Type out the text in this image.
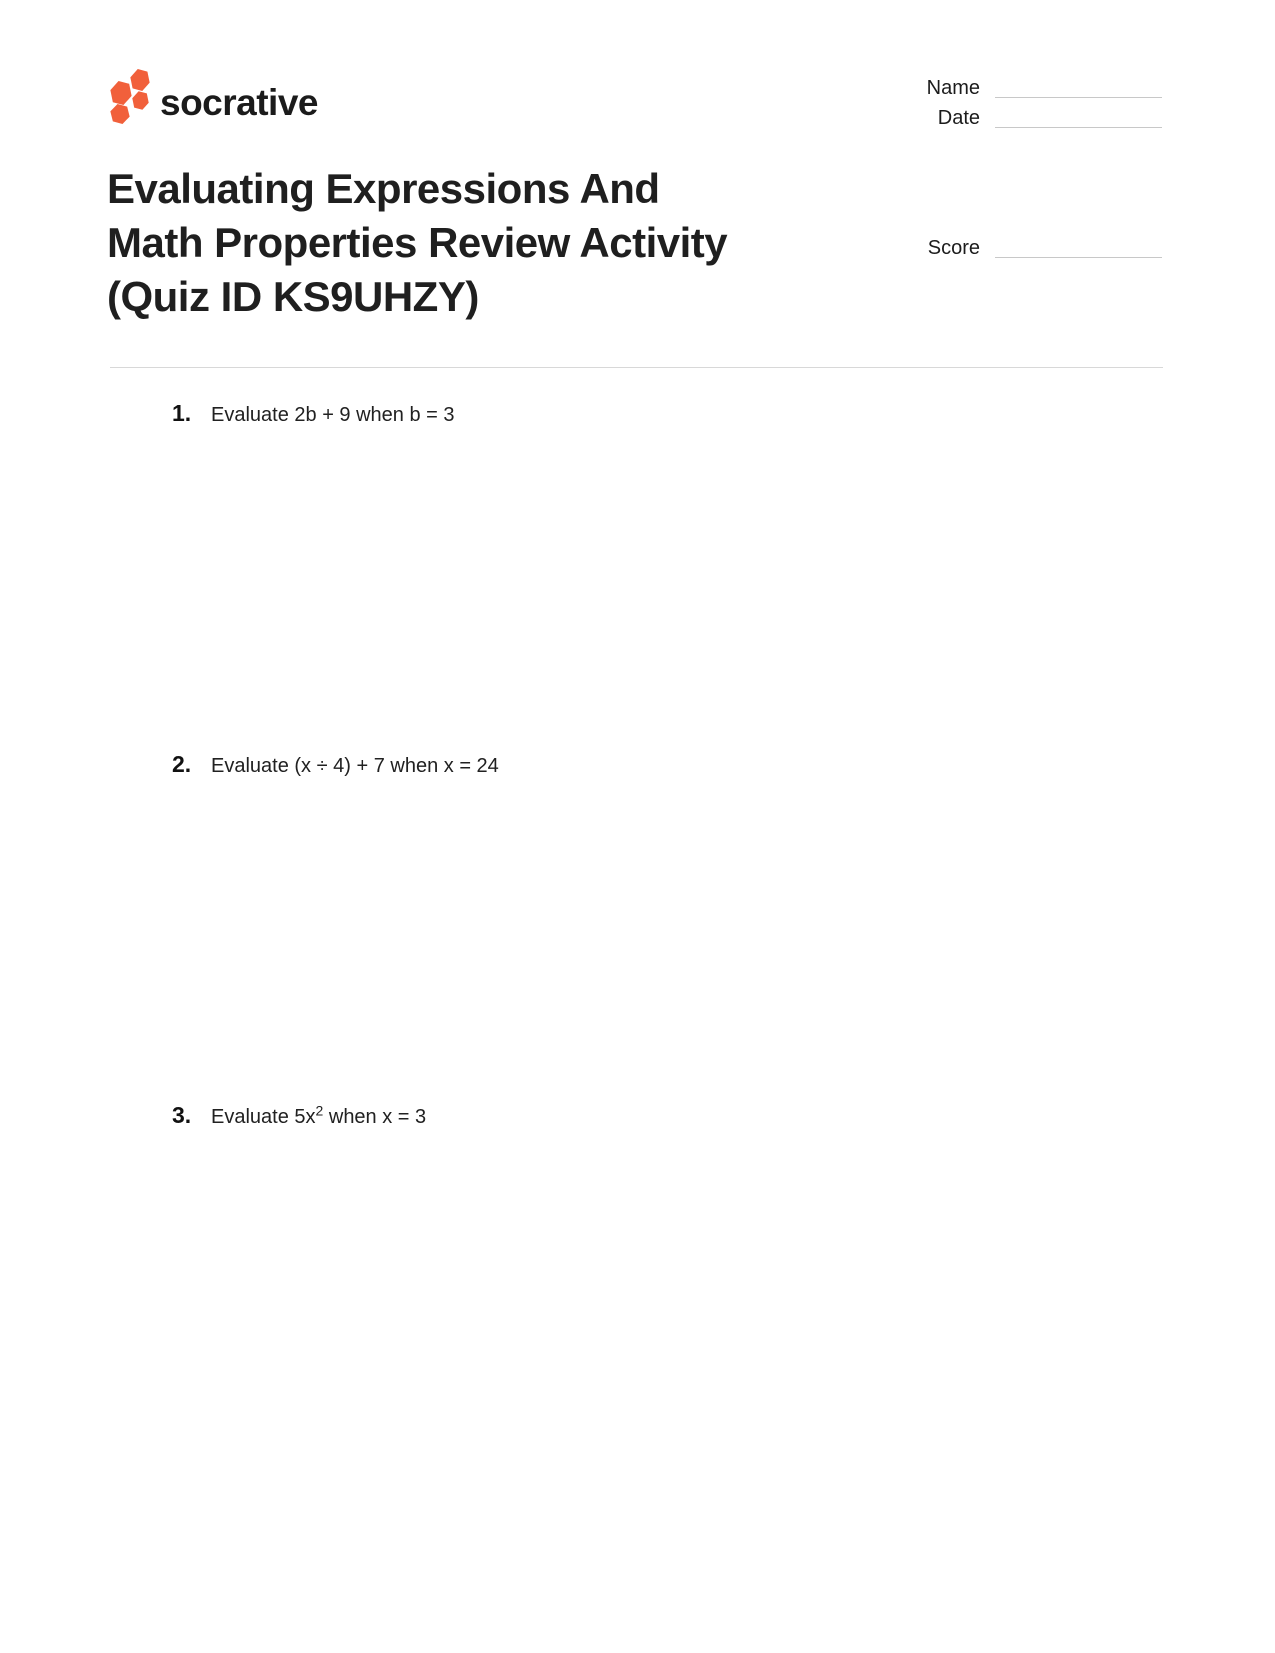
socrative	Name
Date
Score
Evaluating Expressions And
Math Properties Review Activity
(Quiz ID KS9UHZY)
1. Evaluate 2b + 9 when b = 3
2. Evaluate (x ÷ 4) + 7 when x = 24
3. Evaluate $5x^2$ when x = 3
